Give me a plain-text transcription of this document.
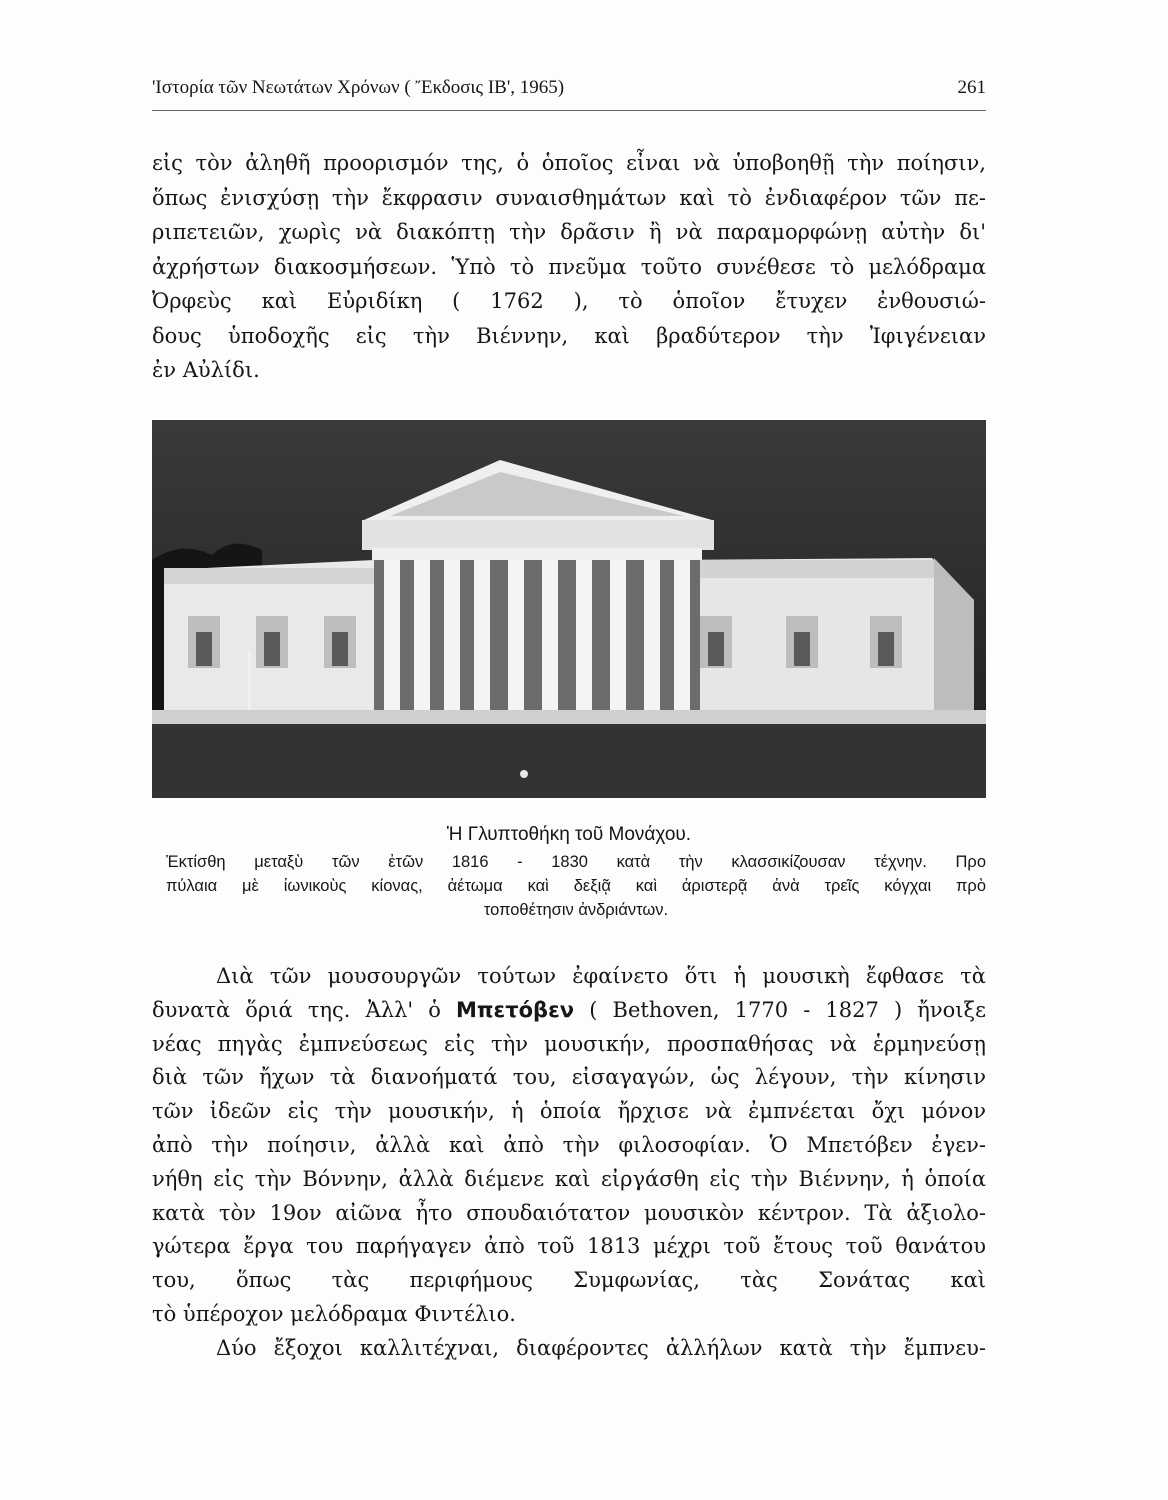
'Ιστορία τῶν Νεωτάτων Χρόνων ( Ἔκδοσις ΙΒ', 1965)	261
εἰς τὸν ἀληθῆ προορισμόν της, ὁ ὁποῖος εἶναι νὰ ὑποβοηθῇ τὴν ποίησιν,
ὅπως ἐνισχύσῃ τὴν ἔκφρασιν συναισθημάτων καὶ τὸ ἐνδιαφέρον τῶν πε-
ριπετειῶν, χωρὶς νὰ διακόπτῃ τὴν δρᾶσιν ἢ νὰ παραμορφώνῃ αὐτὴν δι'
ἀχρήστων διακοσμήσεων. Ὑπὸ τὸ πνεῦμα τοῦτο συνέθεσε τὸ μελόδραμα
Ὀρφεὺς καὶ Εὐριδίκη ( 1762 ), τὸ ὁποῖον ἔτυχεν ἐνθουσιώ-
δους ὑποδοχῆς εἰς τὴν Βιέννην, καὶ βραδύτερον τὴν Ἰφιγένειαν
ἐν Αὐλίδι.
Ἡ Γλυπτοθήκη τοῦ Μονάχου.
Ἐκτίσθη μεταξὺ τῶν ἐτῶν 1816 - 1830 κατὰ τὴν κλασσικίζουσαν τέχνην. Προ
πύλαια μὲ ἰωνικοὺς κίονας, ἀέτωμα καὶ δεξιᾷ καὶ ἀριστερᾷ ἀνὰ τρεῖς κόγχαι πρὸ
τοποθέτησιν ἀνδριάντων.
Διὰ τῶν μουσουργῶν τούτων ἐφαίνετο ὅτι ἡ μουσικὴ ἔφθασε τὰ
δυνατὰ ὅριά της. Ἀλλ' ὁ Μπετόβεν ( Bethoven, 1770 - 1827 ) ἤνοιξε
νέας πηγὰς ἐμπνεύσεως εἰς τὴν μουσικήν, προσπαθήσας νὰ ἑρμηνεύσῃ
διὰ τῶν ἤχων τὰ διανοήματά του, εἰσαγαγών, ὡς λέγουν, τὴν κίνησιν
τῶν ἰδεῶν εἰς τὴν μουσικήν, ἡ ὁποία ἤρχισε νὰ ἐμπνέεται ὄχι μόνον
ἀπὸ τὴν ποίησιν, ἀλλὰ καὶ ἀπὸ τὴν φιλοσοφίαν. Ὁ Μπετόβεν ἐγεν-
νήθη εἰς τὴν Βόννην, ἀλλὰ διέμενε καὶ εἰργάσθη εἰς τὴν Βιέννην, ἡ ὁποία
κατὰ τὸν 19ον αἰῶνα ἦτο σπουδαιότατον μουσικὸν κέντρον. Τὰ ἀξιολο-
γώτερα ἔργα του παρήγαγεν ἀπὸ τοῦ 1813 μέχρι τοῦ ἔτους τοῦ θανάτου
του, ὅπως τὰς περιφήμους Συμφωνίας, τὰς Σονάτας καὶ
τὸ ὑπέροχον μελόδραμα Φιντέλιο.
Δύο ἔξοχοι καλλιτέχναι, διαφέροντες ἀλλήλων κατὰ τὴν ἔμπνευ-
